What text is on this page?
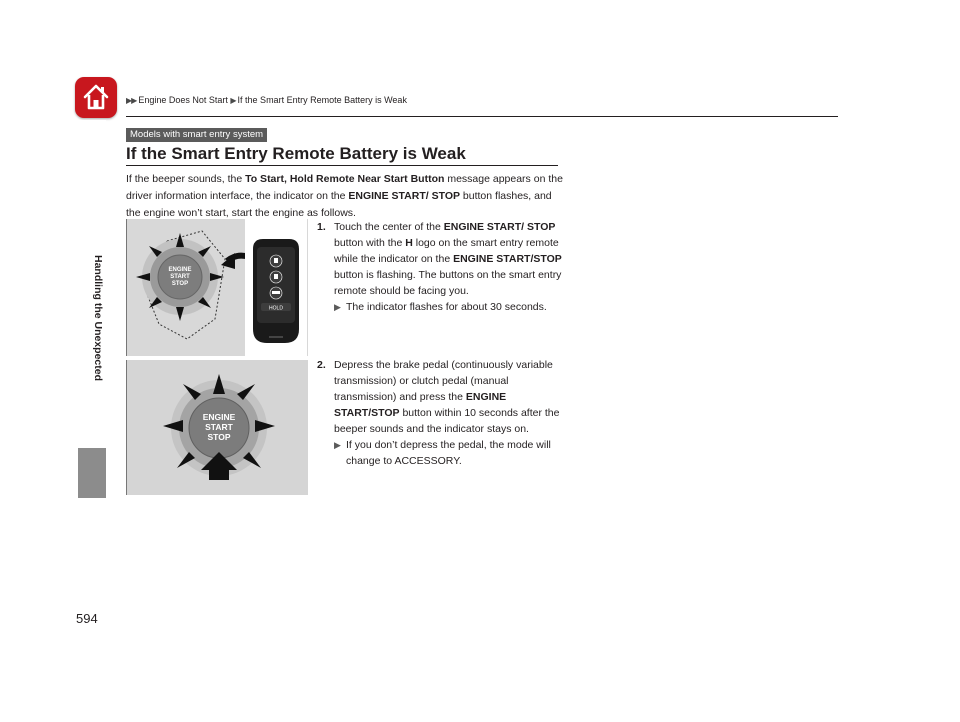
▶▶ Engine Does Not Start ▶ If the Smart Entry Remote Battery is Weak
Handling the Unexpected
594
Models with smart entry system
If the Smart Entry Remote Battery is Weak
If the beeper sounds, the To Start, Hold Remote Near Start Button message appears on the driver information interface, the indicator on the ENGINE START/ STOP button flashes, and the engine won’t start, start the engine as follows.
ENGINE
START
STOP
HOLD
ENGINE
START
STOP
1. Touch the center of the ENGINE START/ STOP button with the H logo on the smart entry remote while the indicator on the ENGINE START/STOP button is flashing. The buttons on the smart entry remote should be facing you.
▶ The indicator flashes for about 30 seconds.
2. Depress the brake pedal (continuously variable transmission) or clutch pedal (manual transmission) and press the ENGINE START/STOP button within 10 seconds after the beeper sounds and the indicator stays on.
▶ If you don’t depress the pedal, the mode will change to ACCESSORY.
